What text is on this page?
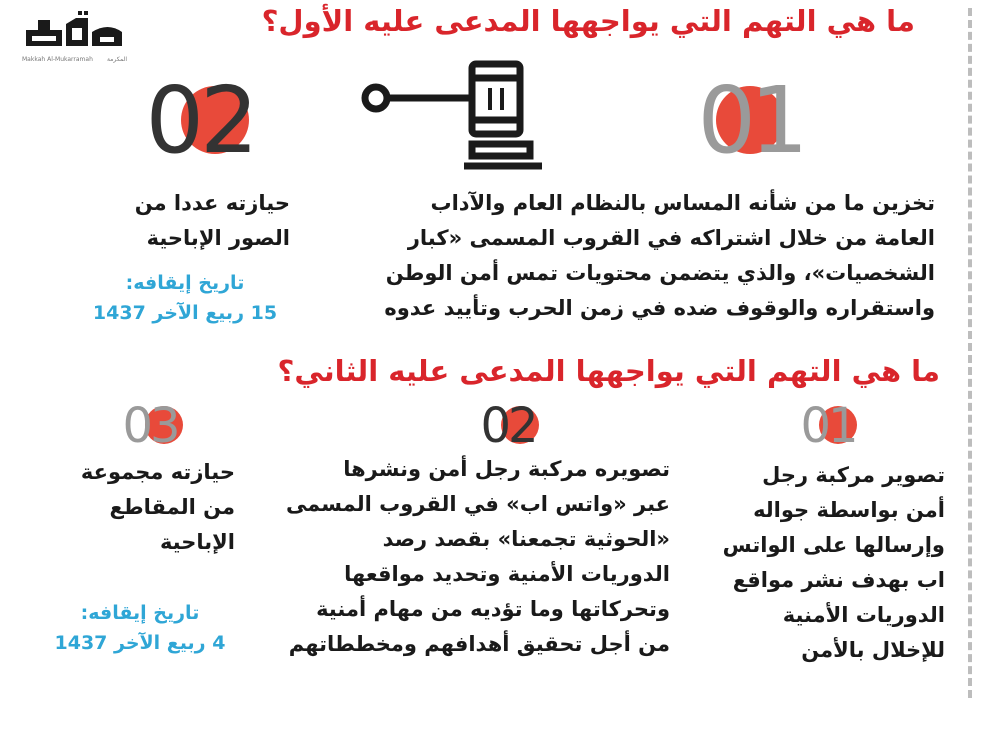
Makkah Al-Mukarramah المكرمة
ما هي التهم التي يواجهها المدعى عليه الأول؟
01
02
تخزين ما من شأنه المساس بالنظام العام والآداب
العامة من خلال اشتراكه في القروب المسمى «كبار
الشخصيات»، والذي يتضمن محتويات تمس أمن الوطن
واستقراره والوقوف ضده في زمن الحرب وتأييد عدوه
حيازته عددا من
الصور الإباحية
تاريخ إيقافه:
15 ربيع الآخر 1437
ما هي التهم التي يواجهها المدعى عليه الثاني؟
01
02
03
تصوير مركبة رجل
أمن بواسطة جواله
وإرسالها على الواتس
اب بهدف نشر مواقع
الدوريات الأمنية
للإخلال بالأمن
تصويره مركبة رجل أمن ونشرها
عبر «واتس اب» في القروب المسمى
«الحوثية تجمعنا» بقصد رصد
الدوريات الأمنية وتحديد مواقعها
وتحركاتها وما تؤديه من مهام أمنية
من أجل تحقيق أهدافهم ومخططاتهم
حيازته مجموعة
من المقاطع
الإباحية
تاريخ إيقافه:
4 ربيع الآخر 1437
